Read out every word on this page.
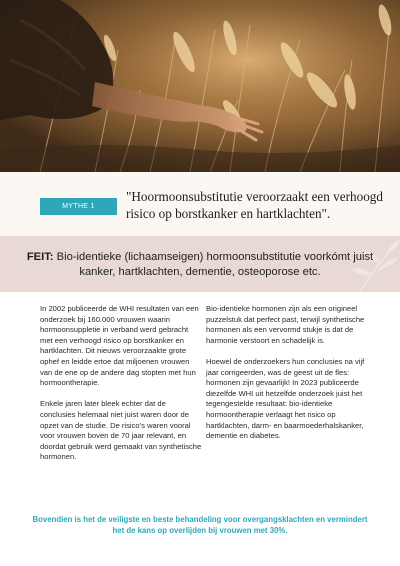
MYTHE 1
"Hoormoonsubstitutie veroorzaakt een verhoogd risico op borstkanker en hartklachten".
FEIT: Bio-identieke (lichaamseigen) hormoonsubstitutie voorkómt juist kanker, hartklachten, dementie, osteoporose etc.

In 2002 publiceerde de WHI resultaten van een onderzoek bij 160.000 vrouwen waarin hormoonsuppletie in verband werd gebracht met een verhoogd risico op borstkanker en hartklachten. Dit nieuws veroorzaakte grote ophef en leidde ertoe dat miljoenen vrouwen van de ene op de andere dag stopten met hun hormoontherapie.

Enkele jaren later bleek echter dat de conclusies helemaal niet juist waren door de opzet van de studie. De risico’s waren vooral voor vrouwen boven de 70 jaar relevant, en doordat gebruik werd gemaakt van synthetische hormonen.

Bio-identieke hormonen zijn als een origineel puzzelstuk dat perfect past, terwijl synthetische hormonen als een vervormd stukje is dat de harmonie verstoort en schadelijk is.

Hoewel de onderzoekers hun conclusies na vijf jaar corrigeerden, was de geest uit de fles: hormonen zijn gevaarlijk! In 2023 publiceerde diezelfde WHI uit hetzelfde onderzoek juist het tegengestelde resultaat: bio-identieke hormoontherapie verlaagt het risico op hartklachten, darm- en baarmoederhalskanker, dementie en diabetes.

Bovendien is het de veiligste en beste behandeling voor overgangsklachten en vermindert het de kans op overlijden bij vrouwen met 30%.
